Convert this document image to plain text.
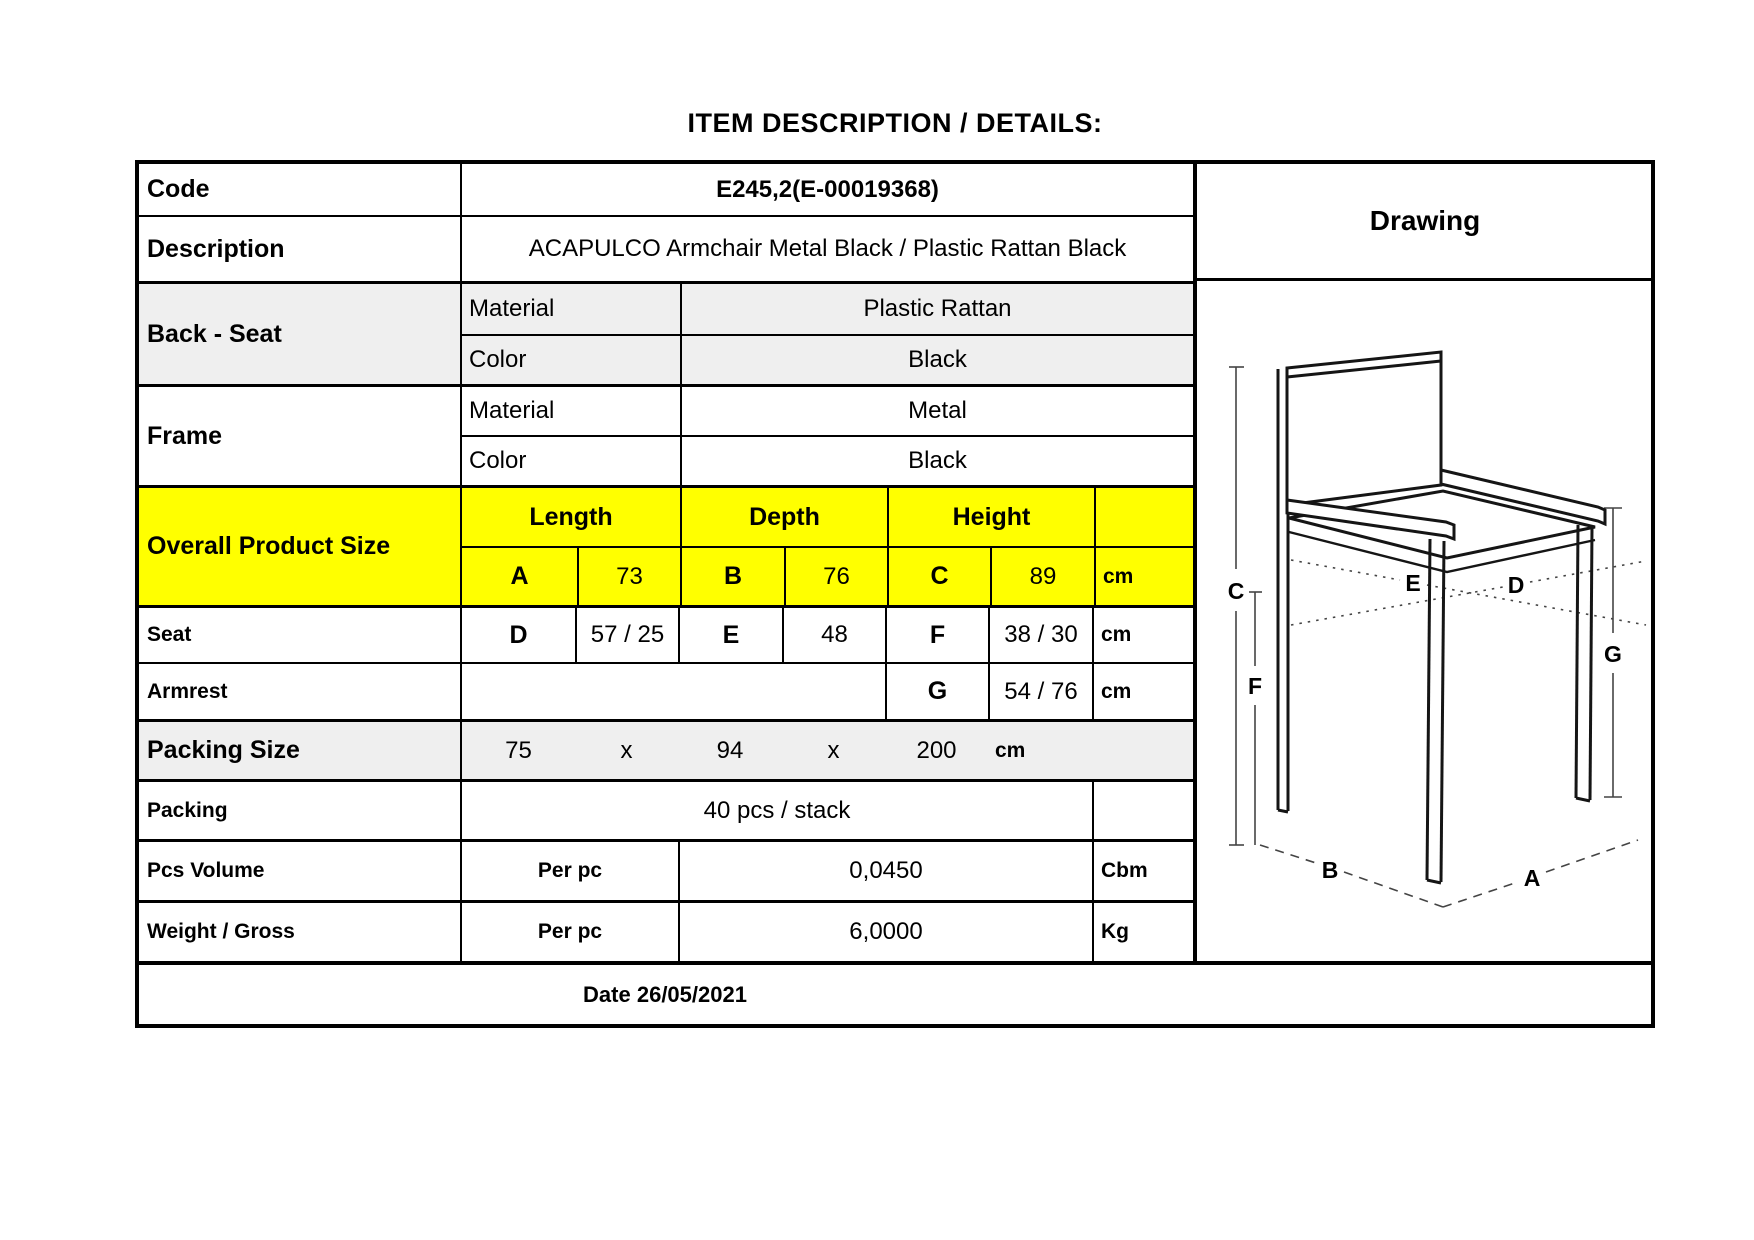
ITEM DESCRIPTION / DETAILS:
Code	E245,2(E-00019368)
Description	ACAPULCO Armchair Metal Black / Plastic Rattan Black
Back - Seat
Material	Plastic Rattan
Color	Black
Frame
Material	Metal
Color	Black
Overall Product Size
Length	Depth	Height
A	73	B	76	C	89	cm
Seat	D	57 / 25	E	48	F	38 / 30	cm
Armrest	G	54 / 76	cm
Packing Size	75	x	94	x	200	cm
Packing	40 pcs / stack
Pcs Volume	Per pc	0,0450	Cbm
Weight / Gross	Per pc	6,0000	Kg
Drawing
C
F
G
E	D
B	A
Date 26/05/2021
